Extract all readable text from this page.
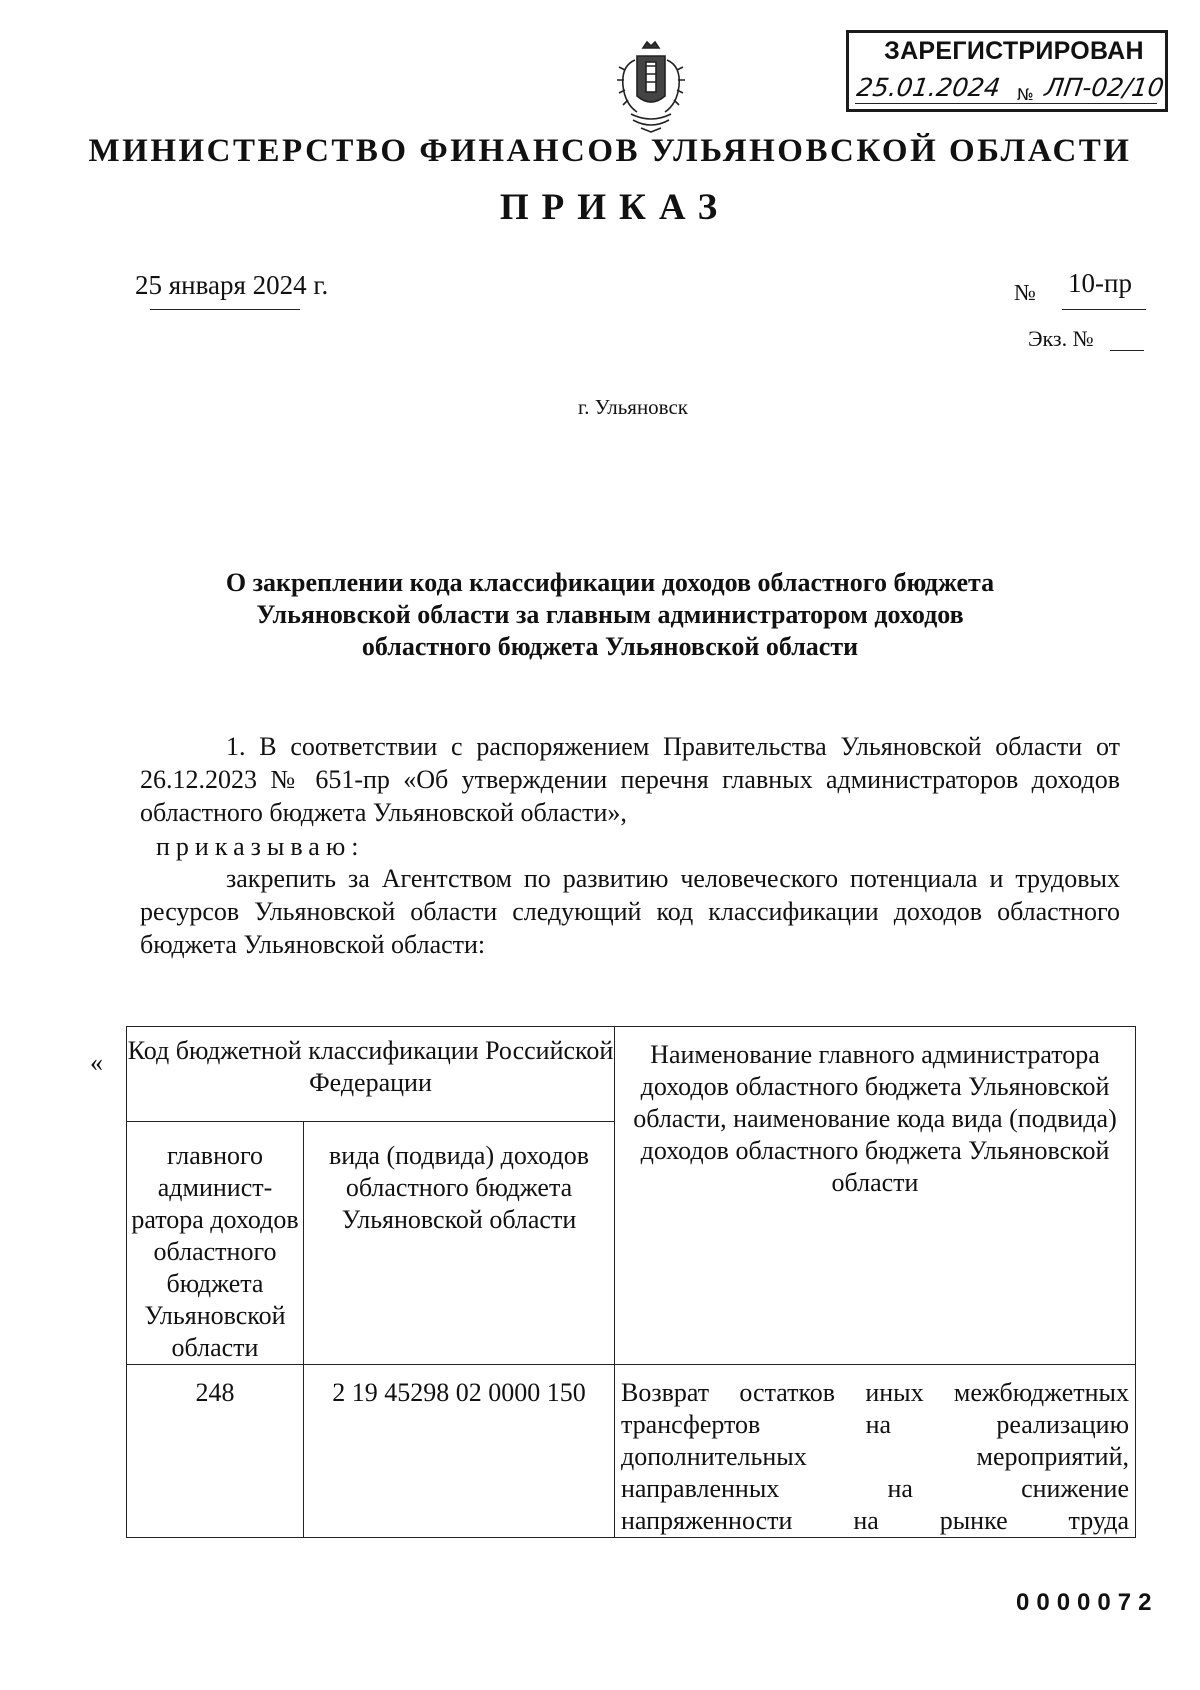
ЗАРЕГИСТРИРОВАН
25.01.2024 № ЛП-02/10
МИНИСТЕРСТВО ФИНАНСОВ УЛЬЯНОВСКОЙ ОБЛАСТИ
ПРИКАЗ
25 января 2024 г.	№ 10-пр
Экз. №
г. Ульяновск
О закреплении кода классификации доходов областного бюджета
Ульяновской области за главным администратором доходов
областного бюджета Ульяновской области
1. В соответствии с распоряжением Правительства Ульяновской области от 26.12.2023 № 651-пр «Об утверждении перечня главных администраторов доходов областного бюджета Ульяновской области»,
приказываю:
закрепить за Агентством по развитию человеческого потенциала и трудовых ресурсов Ульяновской области следующий код классификации доходов областного бюджета Ульяновской области:
« Код бюджетной классификации Российской Федерации		Наименование главного администратора доходов областного бюджета Ульяновской области, наименование кода вида (подвида) доходов областного бюджета Ульяновской области
главного админист-ратора доходов областного бюджета Ульяновской области	вида (подвида) доходов областного бюджета Ульяновской области	
248	2 19 45298 02 0000 150	Возврат остатков иных межбюджетных
трансфертов на реализацию
дополнительных мероприятий,
направленных на снижение
напряженности на рынке труда
0000072
